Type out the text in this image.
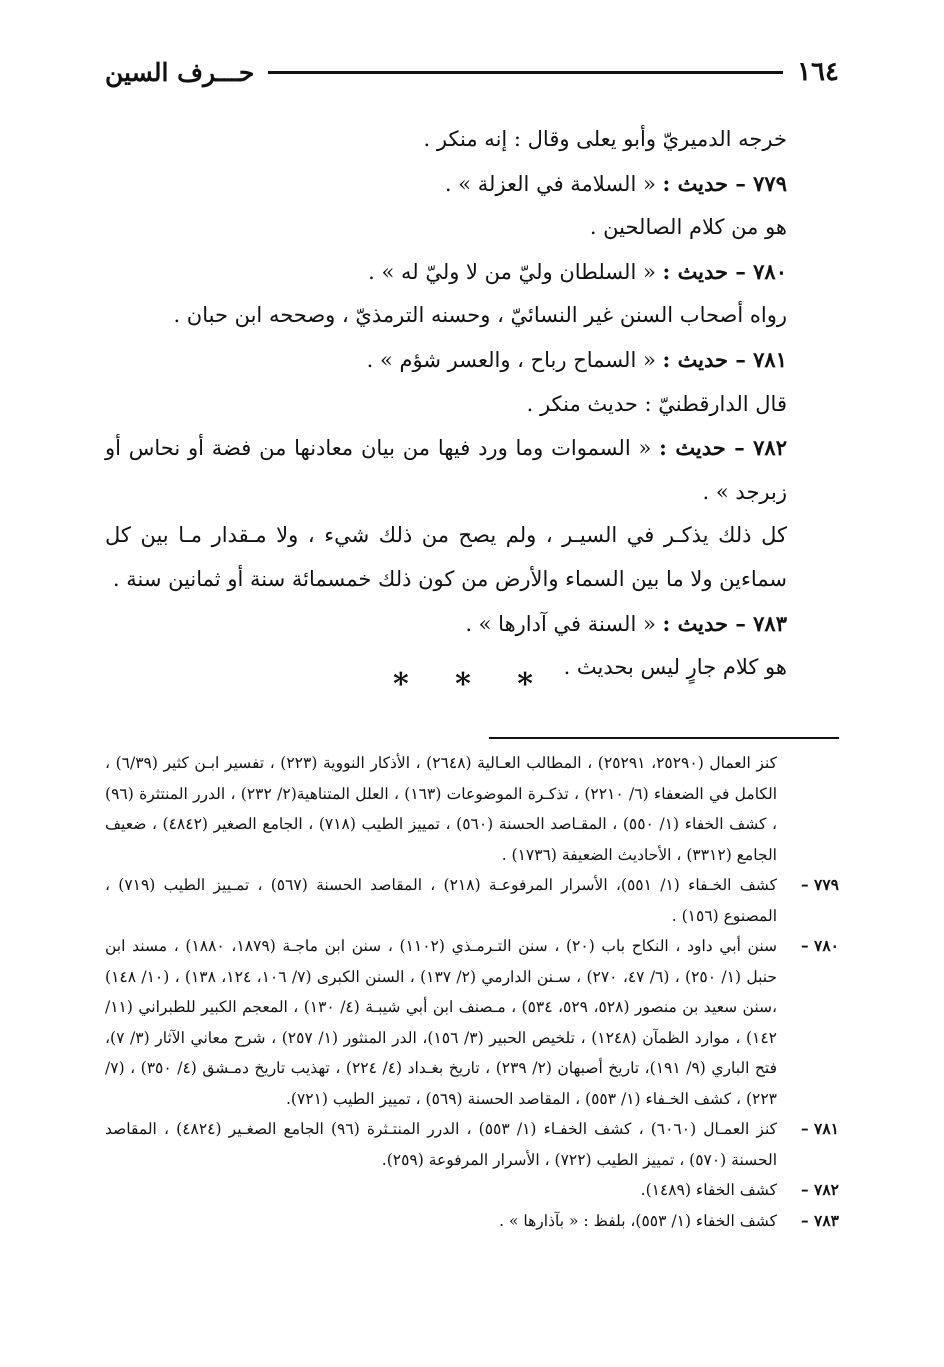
١٦٤
حـــرف السين

خرجه الدميريّ وأبو يعلى وقال : إنه منكر .

٧٧٩ – حديث : « السلامة في العزلة » .

هو من كلام الصالحين .

٧٨٠ – حديث : « السلطان وليّ من لا وليّ له » .

رواه أصحاب السنن غير النسائيّ ، وحسنه الترمذيّ ، وصححه ابن حبان .

٧٨١ – حديث : « السماح رباح ، والعسر شؤم » .

قال الدارقطنيّ : حديث منكر .

٧٨٢ – حديث : « السموات وما ورد فيها من بيان معادنها من فضة أو نحاس أو زبرجد » .

كل ذلك يذكـر في السيـر ، ولم يصح من ذلك شيء ، ولا مـقدار مـا بين كل سماءين ولا ما بين السماء والأرض من كون ذلك خمسمائة سنة أو ثمانين سنة .

٧٨٣ – حديث : « السنة في آدارها » .

هو كلام جارٍ ليس بحديث .

* * *
كنز العمال (٢٥٢٩٠، ٢٥٢٩١) ، المطالب العـالية (٢٦٤٨) ، الأذكار النووية (٢٢٣) ، تفسير ابـن كثير (٦/٣٩) ، الكامل في الضعفاء (٦/ ٢٢١٠) ، تذكـرة الموضوعات (١٦٣) ، العلل المتناهية(٢/ ٢٣٢) ، الدرر المنتثرة (٩٦) ، كشف الخفاء (١/ ٥٥٠) ، المقـاصد الحسنة (٥٦٠) ، تمييز الطيب (٧١٨) ، الجامع الصغير (٤٨٤٢) ، ضعيف الجامع (٣٣١٢) ، الأحاديث الضعيفة (١٧٣٦) .
٧٧٩ –
كشف الخـفاء (١/ ٥٥١)، الأسرار المرفوعـة (٢١٨) ، المقاصد الحسنة (٥٦٧) ، تمـييز الطيب (٧١٩) ، المصنوع (١٥٦) .
٧٨٠ –
سنن أبي داود ، النكاح باب (٢٠) ، سنن التـرمـذي (١١٠٢) ، سنن ابن ماجـة (١٨٧٩، ١٨٨٠) ، مسند ابن حنبل (١/ ٢٥٠) ، (٦/ ٤٧، ٢٧٠) ، سـنن الدارمي (٢/ ١٣٧) ، السنن الكبرى (٧/ ١٠٦، ١٢٤، ١٣٨) ، (١٠/ ١٤٨) ،سنن سعيد بن منصور (٥٢٨، ٥٢٩، ٥٣٤) ، مـصنف ابن أبي شيبـة (٤/ ١٣٠) ، المعجم الكبير للطبراني (١١/ ١٤٢) ، موارد الظمآن (١٢٤٨) ، تلخيص الحبير (٣/ ١٥٦)، الدر المنثور (١/ ٢٥٧) ، شرح معاني الآثار (٣/ ٧)، فتح الباري (٩/ ١٩١)، تاريخ أصبهان (٢/ ٢٣٩) ، تاريخ بغـداد (٤/ ٢٢٤) ، تهذيب تاريخ دمـشق (٤/ ٣٥٠) ، (٧/ ٢٢٣) ، كشف الخـفاء (١/ ٥٥٣) ، المقاصد الحسنة (٥٦٩) ، تمييز الطيب (٧٢١).
٧٨١ –
كنز العمـال (٦٠٦٠) ، كشف الخفـاء (١/ ٥٥٣) ، الدرر المنتـثرة (٩٦) الجامع الصغـير (٤٨٢٤) ، المقاصد الحسنة (٥٧٠) ، تمييز الطيب (٧٢٢) ، الأسرار المرفوعة (٢٥٩).
٧٨٢ –
كشف الخفاء (١٤٨٩).
٧٨٣ –
كشف الخفاء (١/ ٥٥٣)، بلفظ : « بآذارها » .
